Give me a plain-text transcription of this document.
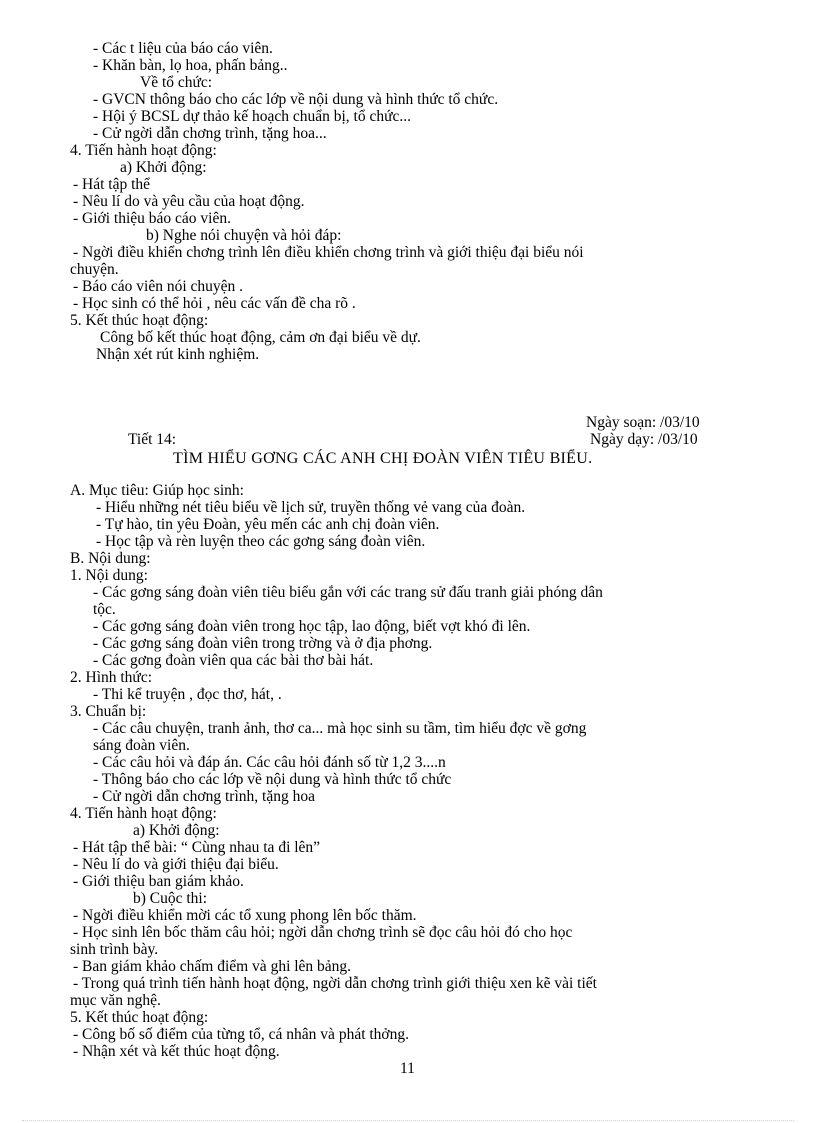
- Các t liệu của báo cáo viên.
- Khăn bàn, lọ hoa, phấn bảng..
Về tổ chức:
- GVCN thông báo cho các lớp về nội dung và hình thức tổ chức.
- Hội ý BCSL dự thảo kế hoạch chuẩn bị, tổ chức...
- Cử ngời dẫn chơng trình, tặng hoa...
4. Tiến hành hoạt động:
a) Khởi động:
- Hát tập thể
- Nêu lí do và yêu cầu của hoạt động.
- Giới thiệu báo cáo viên.
b) Nghe nói chuyện và hỏi đáp:
- Ngời điều khiển chơng trình lên điều khiển chơng trình và giới thiệu đại biểu nói
chuyện.
- Báo cáo viên nói chuyện .
- Học sinh có thể hỏi , nêu các vấn đề cha rõ .
5. Kết thúc hoạt động:
Công bố kết thúc hoạt động, cảm ơn đại biểu về dự.
Nhận xét rút kinh nghiệm.
Ngày soạn: /03/10
Tiết 14:	Ngày dạy: /03/10
TÌM HIỂU GƠNG CÁC ANH CHỊ ĐOÀN VIÊN TIÊU BIỂU.
A. Mục tiêu: Giúp học sinh:
- Hiểu những nét tiêu biểu về lịch sử, truyền thống vẻ vang của đoàn.
- Tự hào, tin yêu Đoàn, yêu mến các anh chị đoàn viên.
- Học tập và rèn luyện theo các gơng sáng đoàn viên.
B. Nội dung:
1. Nội dung:
- Các gơng sáng đoàn viên tiêu biểu gắn với các trang sử đấu tranh giải phóng dân
tộc.
- Các gơng sáng đoàn viên trong học tập, lao động, biết vợt khó đi lên.
- Các gơng sáng đoàn viên trong trờng và ở địa phơng.
- Các gơng đoàn viên qua các bài thơ bài hát.
2. Hình thức:
- Thi kể truyện , đọc thơ, hát, .
3. Chuẩn bị:
- Các câu chuyện, tranh ảnh, thơ ca... mà học sinh su tầm, tìm hiểu đợc về gơng
sáng đoàn viên.
- Các câu hỏi và đáp án. Các câu hỏi đánh số từ 1,2 3....n
- Thông báo cho các lớp về nội dung và hình thức tổ chức
- Cử ngời dẫn chơng trình, tặng hoa
4. Tiến hành hoạt động:
a) Khởi động:
- Hát tập thể bài: “ Cùng nhau ta đi lên”
- Nêu lí do và giới thiệu đại biểu.
- Giới thiệu ban giám khảo.
b) Cuộc thi:
- Ngời điều khiển mời các tổ xung phong lên bốc thăm.
- Học sinh lên bốc thăm câu hỏi; ngời dẫn chơng trình sẽ đọc câu hỏi đó cho học
sinh trình bày.
- Ban giám khảo chấm điểm và ghi lên bảng.
- Trong quá trình tiến hành hoạt động, ngời dẫn chơng trình giới thiệu xen kẽ vài tiết
mục văn nghệ.
5. Kết thúc hoạt động:
- Công bố số điểm của từng tổ, cá nhân và phát thởng.
- Nhận xét và kết thúc hoạt động.
11
